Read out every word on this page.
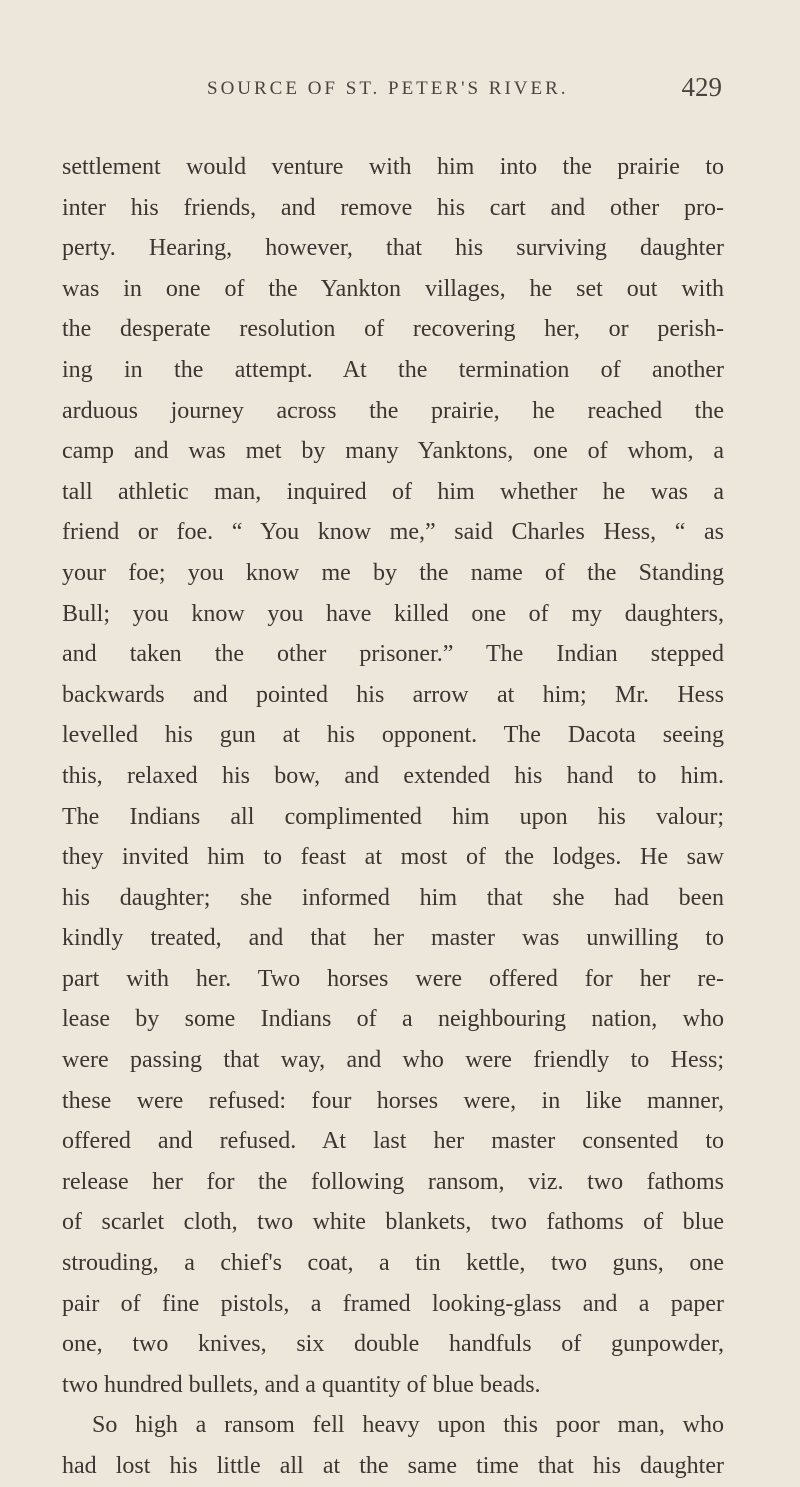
SOURCE OF ST. PETER'S RIVER.	429
settlement would venture with him into the prairie to
inter his friends, and remove his cart and other pro-
perty. Hearing, however, that his surviving daughter
was in one of the Yankton villages, he set out with
the desperate resolution of recovering her, or perish-
ing in the attempt. At the termination of another
arduous journey across the prairie, he reached the
camp and was met by many Yanktons, one of whom, a
tall athletic man, inquired of him whether he was a
friend or foe. “ You know me,” said Charles Hess, “ as
your foe; you know me by the name of the Standing
Bull; you know you have killed one of my daughters,
and taken the other prisoner.” The Indian stepped
backwards and pointed his arrow at him; Mr. Hess
levelled his gun at his opponent. The Dacota seeing
this, relaxed his bow, and extended his hand to him.
The Indians all complimented him upon his valour;
they invited him to feast at most of the lodges. He saw
his daughter; she informed him that she had been
kindly treated, and that her master was unwilling to
part with her. Two horses were offered for her re-
lease by some Indians of a neighbouring nation, who
were passing that way, and who were friendly to Hess;
these were refused: four horses were, in like manner,
offered and refused. At last her master consented to
release her for the following ransom, viz. two fathoms
of scarlet cloth, two white blankets, two fathoms of blue
strouding, a chief's coat, a tin kettle, two guns, one
pair of fine pistols, a framed looking-glass and a paper
one, two knives, six double handfuls of gunpowder,
two hundred bullets, and a quantity of blue beads.
So high a ransom fell heavy upon this poor man, who
had lost his little all at the same time that his daughter
